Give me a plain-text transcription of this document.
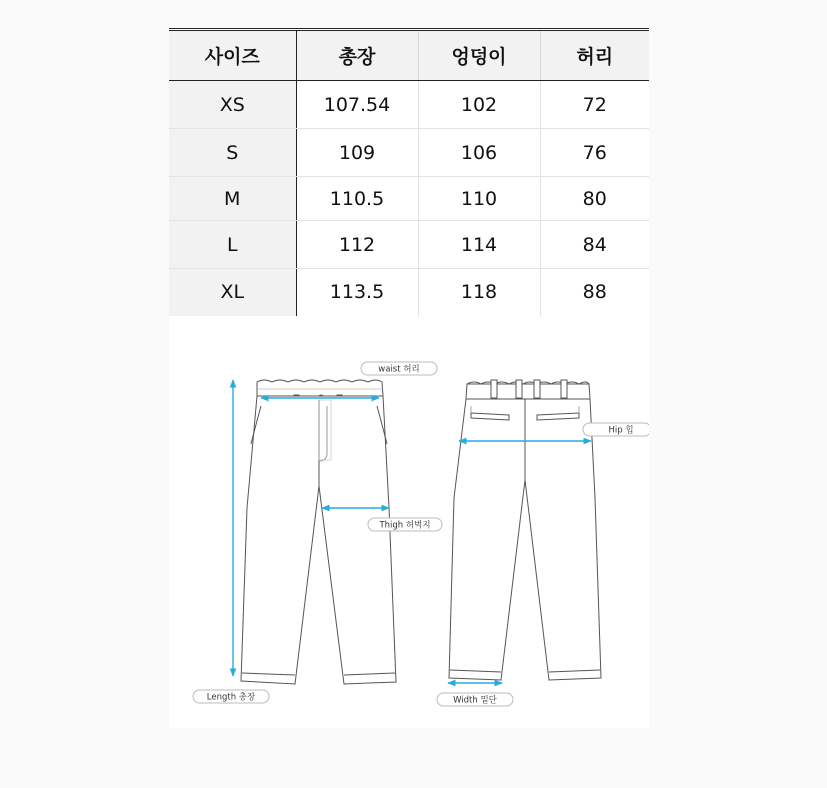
사이즈	총장	엉덩이	허리
XS	107.54	102	72
S	109	106	76
M	110.5	110	80
L	112	114	84
XL	113.5	118	88
waist 허리
Hip 힙
Thigh 허벅지
Length 총장	Width 밑단
